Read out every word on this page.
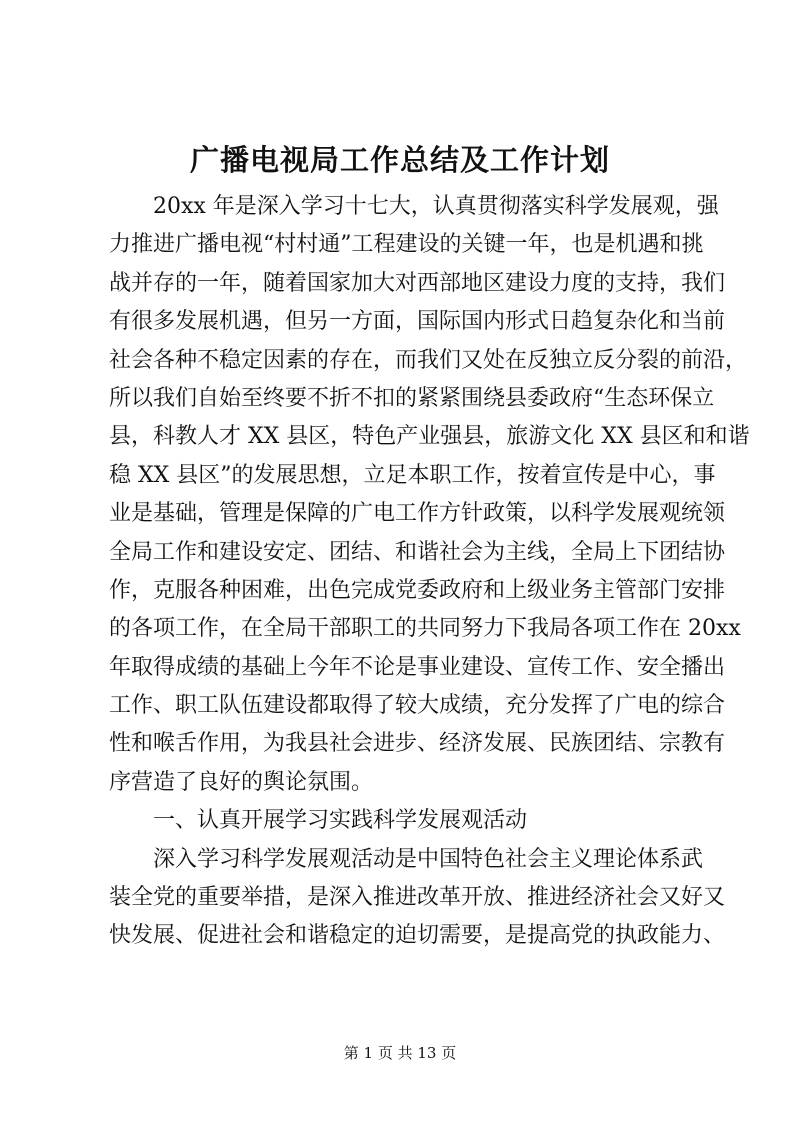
广播电视局工作总结及工作计划
20xx 年是深入学习十七大，认真贯彻落实科学发展观，强
力推进广播电视“村村通”工程建设的关键一年，也是机遇和挑
战并存的一年，随着国家加大对西部地区建设力度的支持，我们
有很多发展机遇，但另一方面，国际国内形式日趋复杂化和当前
社会各种不稳定因素的存在，而我们又处在反独立反分裂的前沿，
所以我们自始至终要不折不扣的紧紧围绕县委政府“生态环保立
县，科教人才 XX 县区，特色产业强县，旅游文化 XX 县区和和谐
稳 XX 县区”的发展思想，立足本职工作，按着宣传是中心，事
业是基础，管理是保障的广电工作方针政策，以科学发展观统领
全局工作和建设安定、团结、和谐社会为主线，全局上下团结协
作，克服各种困难，出色完成党委政府和上级业务主管部门安排
的各项工作，在全局干部职工的共同努力下我局各项工作在 20xx
年取得成绩的基础上今年不论是事业建设、宣传工作、安全播出
工作、职工队伍建设都取得了较大成绩，充分发挥了广电的综合
性和喉舌作用，为我县社会进步、经济发展、民族团结、宗教有
序营造了良好的舆论氛围。
一、认真开展学习实践科学发展观活动
深入学习科学发展观活动是中国特色社会主义理论体系武
装全党的重要举措，是深入推进改革开放、推进经济社会又好又
快发展、促进社会和谐稳定的迫切需要，是提高党的执政能力、
第 1 页 共 13 页
